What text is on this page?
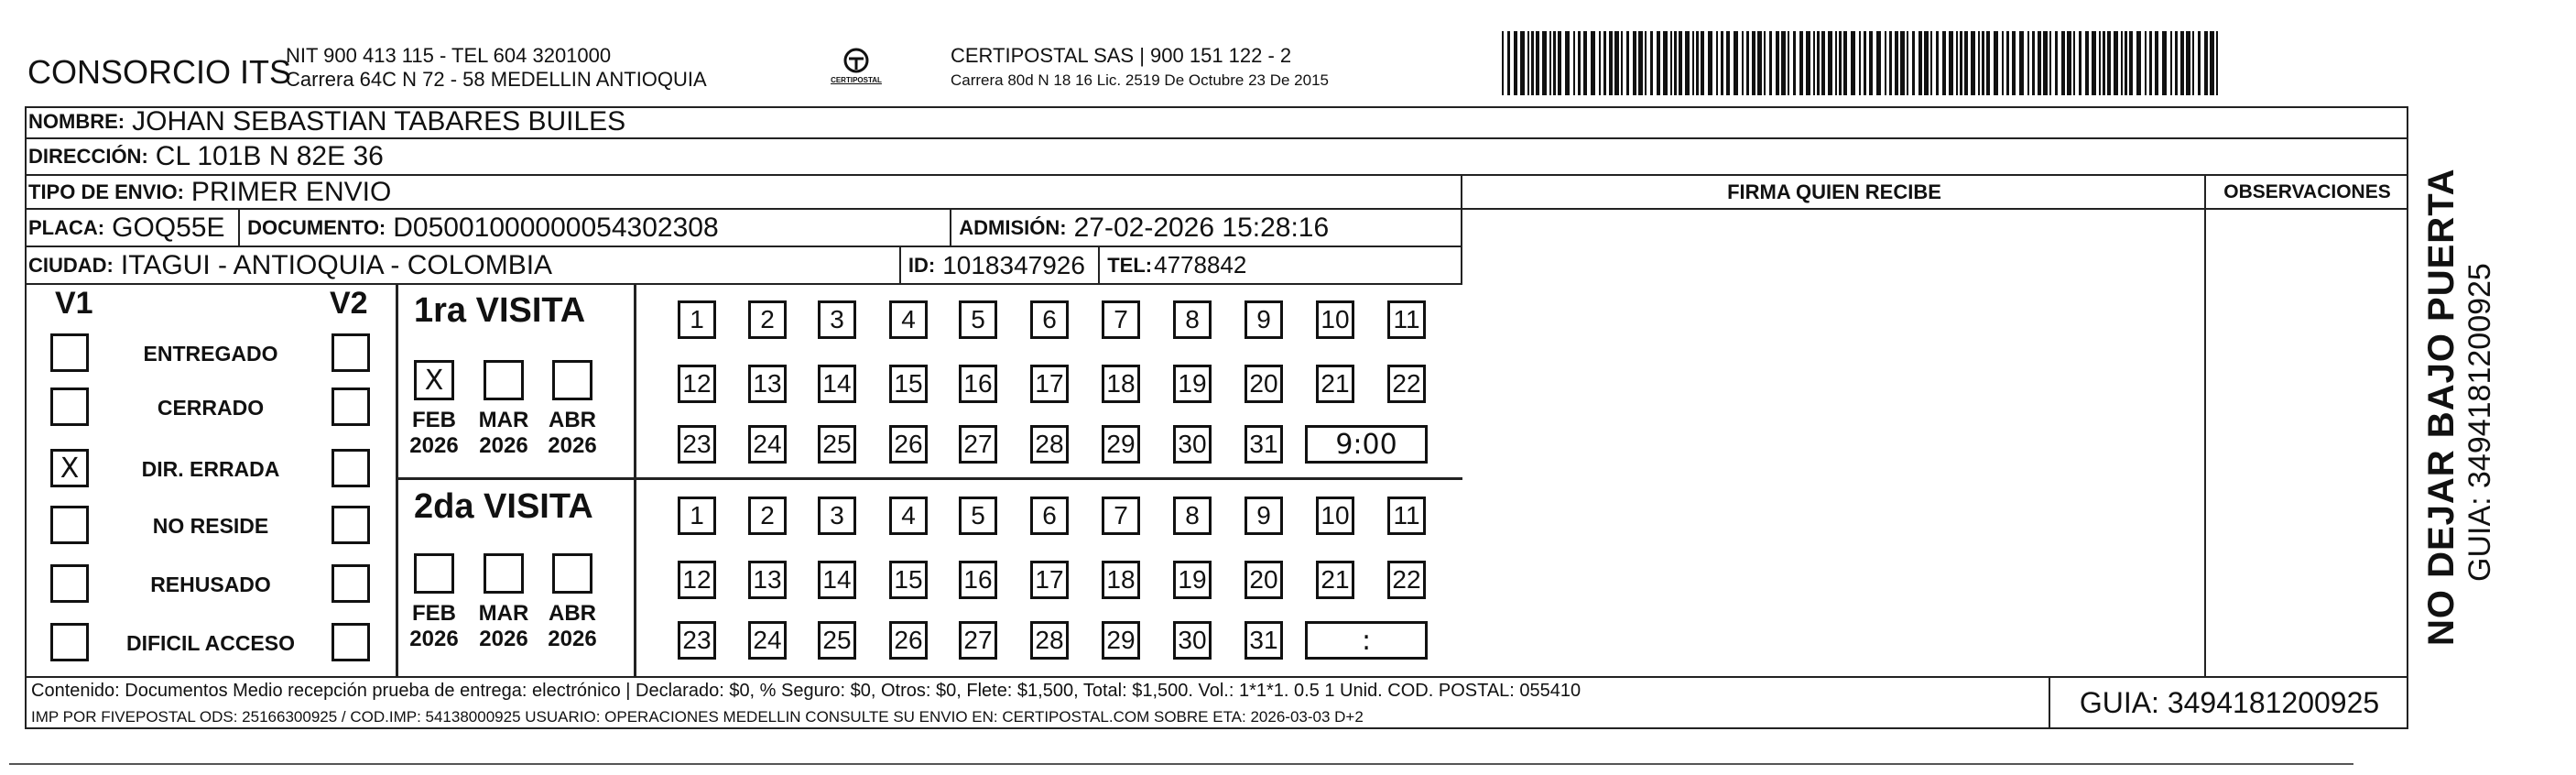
CONSORCIO ITS
NIT 900 413 115 - TEL 604 3201000
Carrera 64C N 72 - 58 MEDELLIN ANTIOQUIA	CERTIPOSTAL
CERTIPOSTAL SAS | 900 151 122 - 2
Carrera 80d N 18 16 Lic. 2519 De Octubre 23 De 2015
NOMBRE: JOHAN SEBASTIAN TABARES BUILES
DIRECCIÓN: CL 101B N 82E 36
TIPO DE ENVIO: PRIMER ENVIO
PLACA: GOQ55E	DOCUMENTO: D05001000000054302308	ADMISIÓN: 27-02-2026 15:28:16
CIUDAD: ITAGUI - ANTIOQUIA - COLOMBIA	ID: 1018347926	TEL: 4778842
FIRMA QUIEN RECIBE	OBSERVACIONES
V1	V2
ENTREGADO
CERRADO
X	DIR. ERRADA
NO RESIDE
REHUSADO
DIFICIL ACCESO
1ra VISITA
X
FEB
2026
MAR
2026
ABR
2026
1	2	3	4	5	6	7	8	9	10 11
12 13 14 15 16 17 18 19 20 21 22
23 24 25 26 27 28 29 30 31	9:00
2da VISITA
FEB
2026
MAR
2026
ABR
2026
1	2	3	4	5	6	7	8	9	10 11
12 13 14 15 16 17 18 19 20 21 22
23 24 25 26 27 28 29 30 31	:
Contenido: Documentos Medio recepción prueba de entrega: electrónico | Declarado: $0, % Seguro: $0, Otros: $0, Flete: $1,500, Total: $1,500. Vol.: 1*1*1. 0.5 1 Unid. COD. POSTAL: 055410
IMP POR FIVEPOSTAL ODS: 25166300925 / COD.IMP: 54138000925 USUARIO: OPERACIONES MEDELLIN CONSULTE SU ENVIO EN: CERTIPOSTAL.COM SOBRE ETA: 2026-03-03 D+2	GUIA: 3494181200925
NO DEJAR BAJO PUERTA GUIA: 3494181200925
